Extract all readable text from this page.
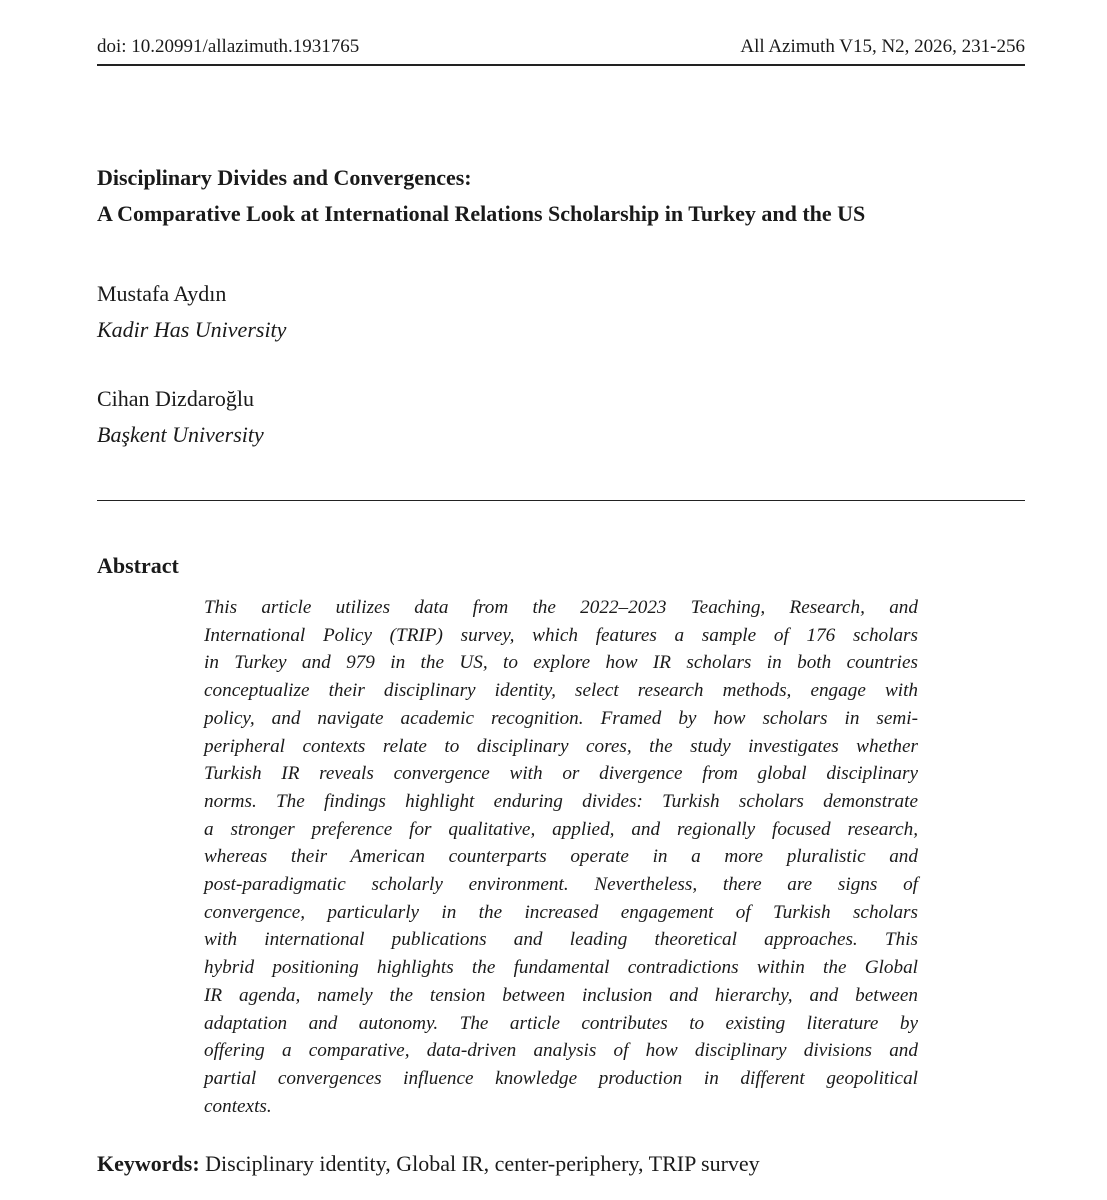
doi: 10.20991/allazimuth.1931765	All Azimuth V15, N2, 2026, 231-256
Disciplinary Divides and Convergences:
A Comparative Look at International Relations Scholarship in Turkey and the US
Mustafa Aydın
Kadir Has University
Cihan Dizdaroğlu
Başkent University
Abstract
This article utilizes data from the 2022–2023 Teaching, Research, and
International Policy (TRIP) survey, which features a sample of 176 scholars
in Turkey and 979 in the US, to explore how IR scholars in both countries
conceptualize their disciplinary identity, select research methods, engage with
policy, and navigate academic recognition. Framed by how scholars in semi-
peripheral contexts relate to disciplinary cores, the study investigates whether
Turkish IR reveals convergence with or divergence from global disciplinary
norms. The findings highlight enduring divides: Turkish scholars demonstrate
a stronger preference for qualitative, applied, and regionally focused research,
whereas their American counterparts operate in a more pluralistic and
post-paradigmatic scholarly environment. Nevertheless, there are signs of
convergence, particularly in the increased engagement of Turkish scholars
with international publications and leading theoretical approaches. This
hybrid positioning highlights the fundamental contradictions within the Global
IR agenda, namely the tension between inclusion and hierarchy, and between
adaptation and autonomy. The article contributes to existing literature by
offering a comparative, data-driven analysis of how disciplinary divisions and
partial convergences influence knowledge production in different geopolitical
contexts.
Keywords: Disciplinary identity, Global IR, center-periphery, TRIP survey
